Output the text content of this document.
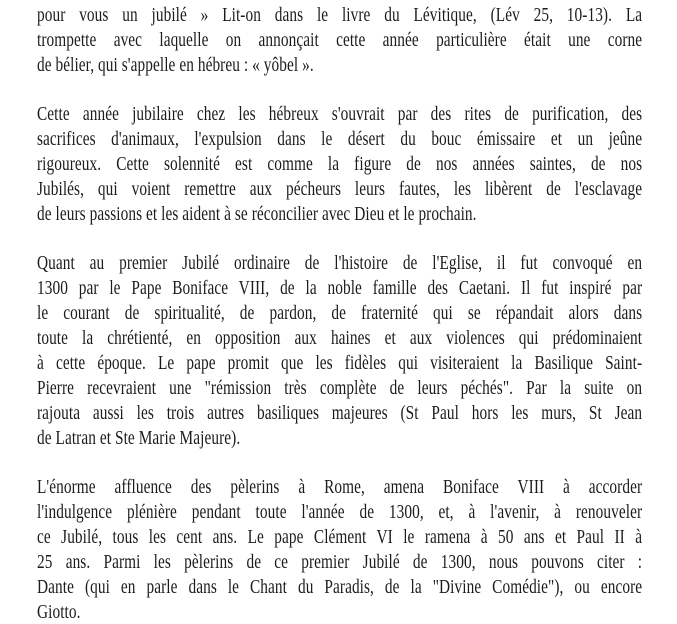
pour vous un jubilé » Lit-on dans le livre du Lévitique, (Lév 25, 10-13). La
trompette avec laquelle on annonçait cette année particulière était une corne
de bélier, qui s'appelle en hébreu : « yôbel ».
Cette année jubilaire chez les hébreux s'ouvrait par des rites de purification, des
sacrifices d'animaux, l'expulsion dans le désert du bouc émissaire et un jeûne
rigoureux. Cette solennité est comme la figure de nos années saintes, de nos
Jubilés, qui voient remettre aux pécheurs leurs fautes, les libèrent de l'esclavage
de leurs passions et les aident à se réconcilier avec Dieu et le prochain.
Quant au premier Jubilé ordinaire de l'histoire de l'Eglise, il fut convoqué en
1300 par le Pape Boniface VIII, de la noble famille des Caetani. Il fut inspiré par
le courant de spiritualité, de pardon, de fraternité qui se répandait alors dans
toute la chrétienté, en opposition aux haines et aux violences qui prédominaient
à cette époque. Le pape promit que les fidèles qui visiteraient la Basilique Saint-
Pierre recevraient une "rémission très complète de leurs péchés". Par la suite on
rajouta aussi les trois autres basiliques majeures (St Paul hors les murs, St Jean
de Latran et Ste Marie Majeure).
L'énorme affluence des pèlerins à Rome, amena Boniface VIII à accorder
l'indulgence plénière pendant toute l'année de 1300, et, à l'avenir, à renouveler
ce Jubilé, tous les cent ans. Le pape Clément VI le ramena à 50 ans et Paul II à
25 ans. Parmi les pèlerins de ce premier Jubilé de 1300, nous pouvons citer :
Dante (qui en parle dans le Chant du Paradis, de la "Divine Comédie"), ou encore
Giotto.
